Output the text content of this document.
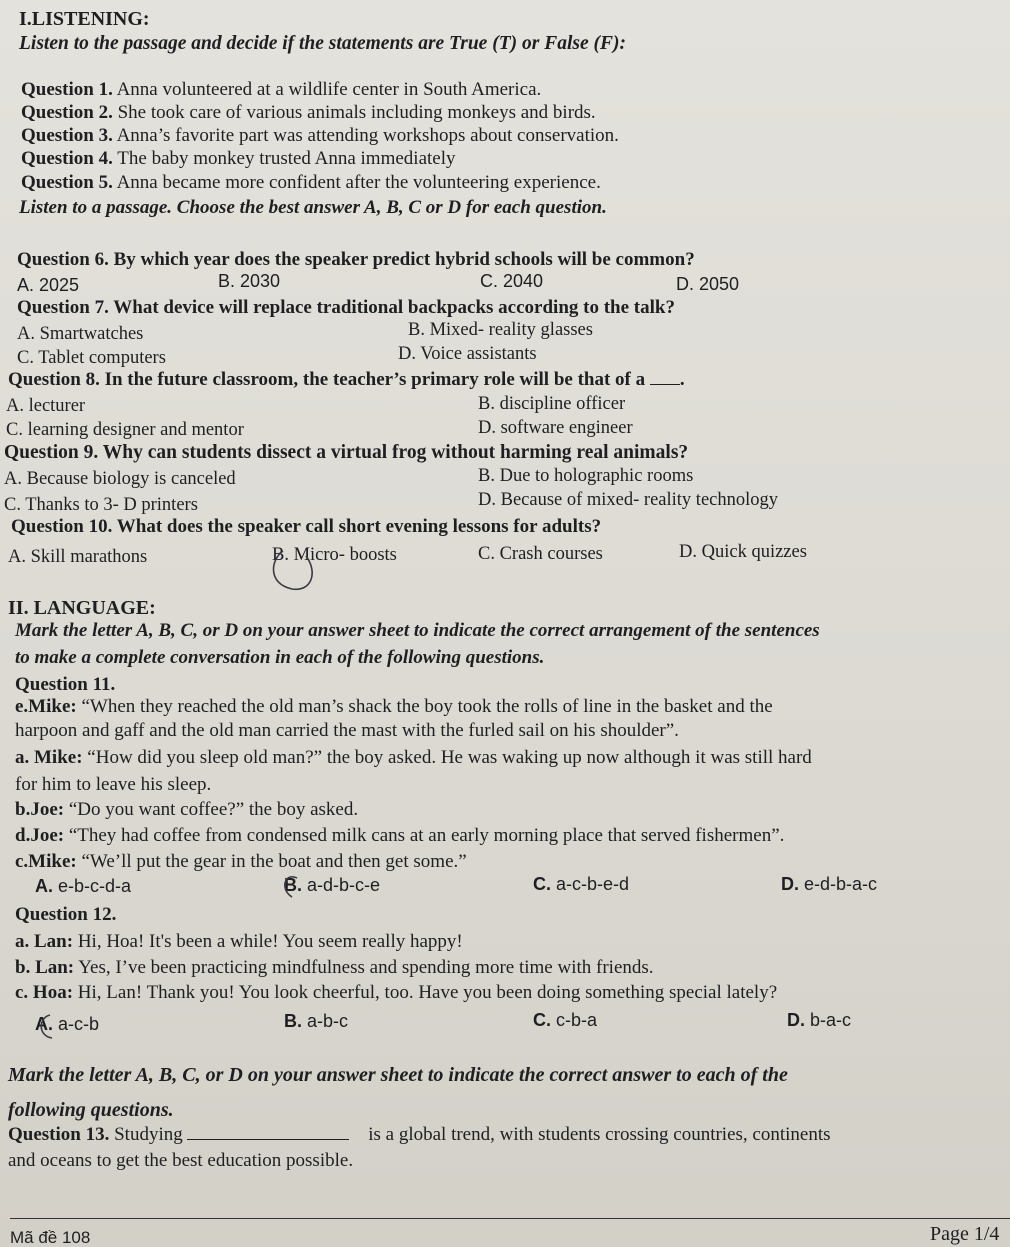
I.LISTENING:
Listen to the passage and decide if the statements are True (T) or False (F):
Question 1. Anna volunteered at a wildlife center in South America.
Question 2. She took care of various animals including monkeys and birds.
Question 3. Anna’s favorite part was attending workshops about conservation.
Question 4. The baby monkey trusted Anna immediately
Question 5. Anna became more confident after the volunteering experience.
Listen to a passage. Choose the best answer A, B, C or D for each question.
Question 6. By which year does the speaker predict hybrid schools will be common?
A. 2025	B. 2030	C. 2040	D. 2050
Question 7. What device will replace traditional backpacks according to the talk?
A. Smartwatches	B. Mixed- reality glasses
C. Tablet computers	D. Voice assistants
Question 8. In the future classroom, the teacher’s primary role will be that of a .
A. lecturer	B. discipline officer
C. learning designer and mentor	D. software engineer
Question 9. Why can students dissect a virtual frog without harming real animals?
A. Because biology is canceled	B. Due to holographic rooms
C. Thanks to 3- D printers	D. Because of mixed- reality technology
Question 10. What does the speaker call short evening lessons for adults?
A. Skill marathons	B. Micro- boosts	C. Crash courses	D. Quick quizzes
II. LANGUAGE:
Mark the letter A, B, C, or D on your answer sheet to indicate the correct arrangement of the sentences
to make a complete conversation in each of the following questions.
Question 11.
e.Mike: “When they reached the old man’s shack the boy took the rolls of line in the basket and the
harpoon and gaff and the old man carried the mast with the furled sail on his shoulder”.
a. Mike: “How did you sleep old man?” the boy asked. He was waking up now although it was still hard
for him to leave his sleep.
b.Joe: “Do you want coffee?” the boy asked.
d.Joe: “They had coffee from condensed milk cans at an early morning place that served fishermen”.
c.Mike: “We’ll put the gear in the boat and then get some.”
A. e-b-c-d-a	B. a-d-b-c-e	C. a-c-b-e-d	D. e-d-b-a-c
Question 12.
a. Lan: Hi, Hoa! It's been a while! You seem really happy!
b. Lan: Yes, I’ve been practicing mindfulness and spending more time with friends.
c. Hoa: Hi, Lan! Thank you! You look cheerful, too. Have you been doing something special lately?
A. a-c-b	B. a-b-c	C. c-b-a	D. b-a-c
Mark the letter A, B, C, or D on your answer sheet to indicate the correct answer to each of the
following questions.
Question 13. Studying	is a global trend, with students crossing countries, continents
and oceans to get the best education possible.
Mã đề 108	Page 1/4
